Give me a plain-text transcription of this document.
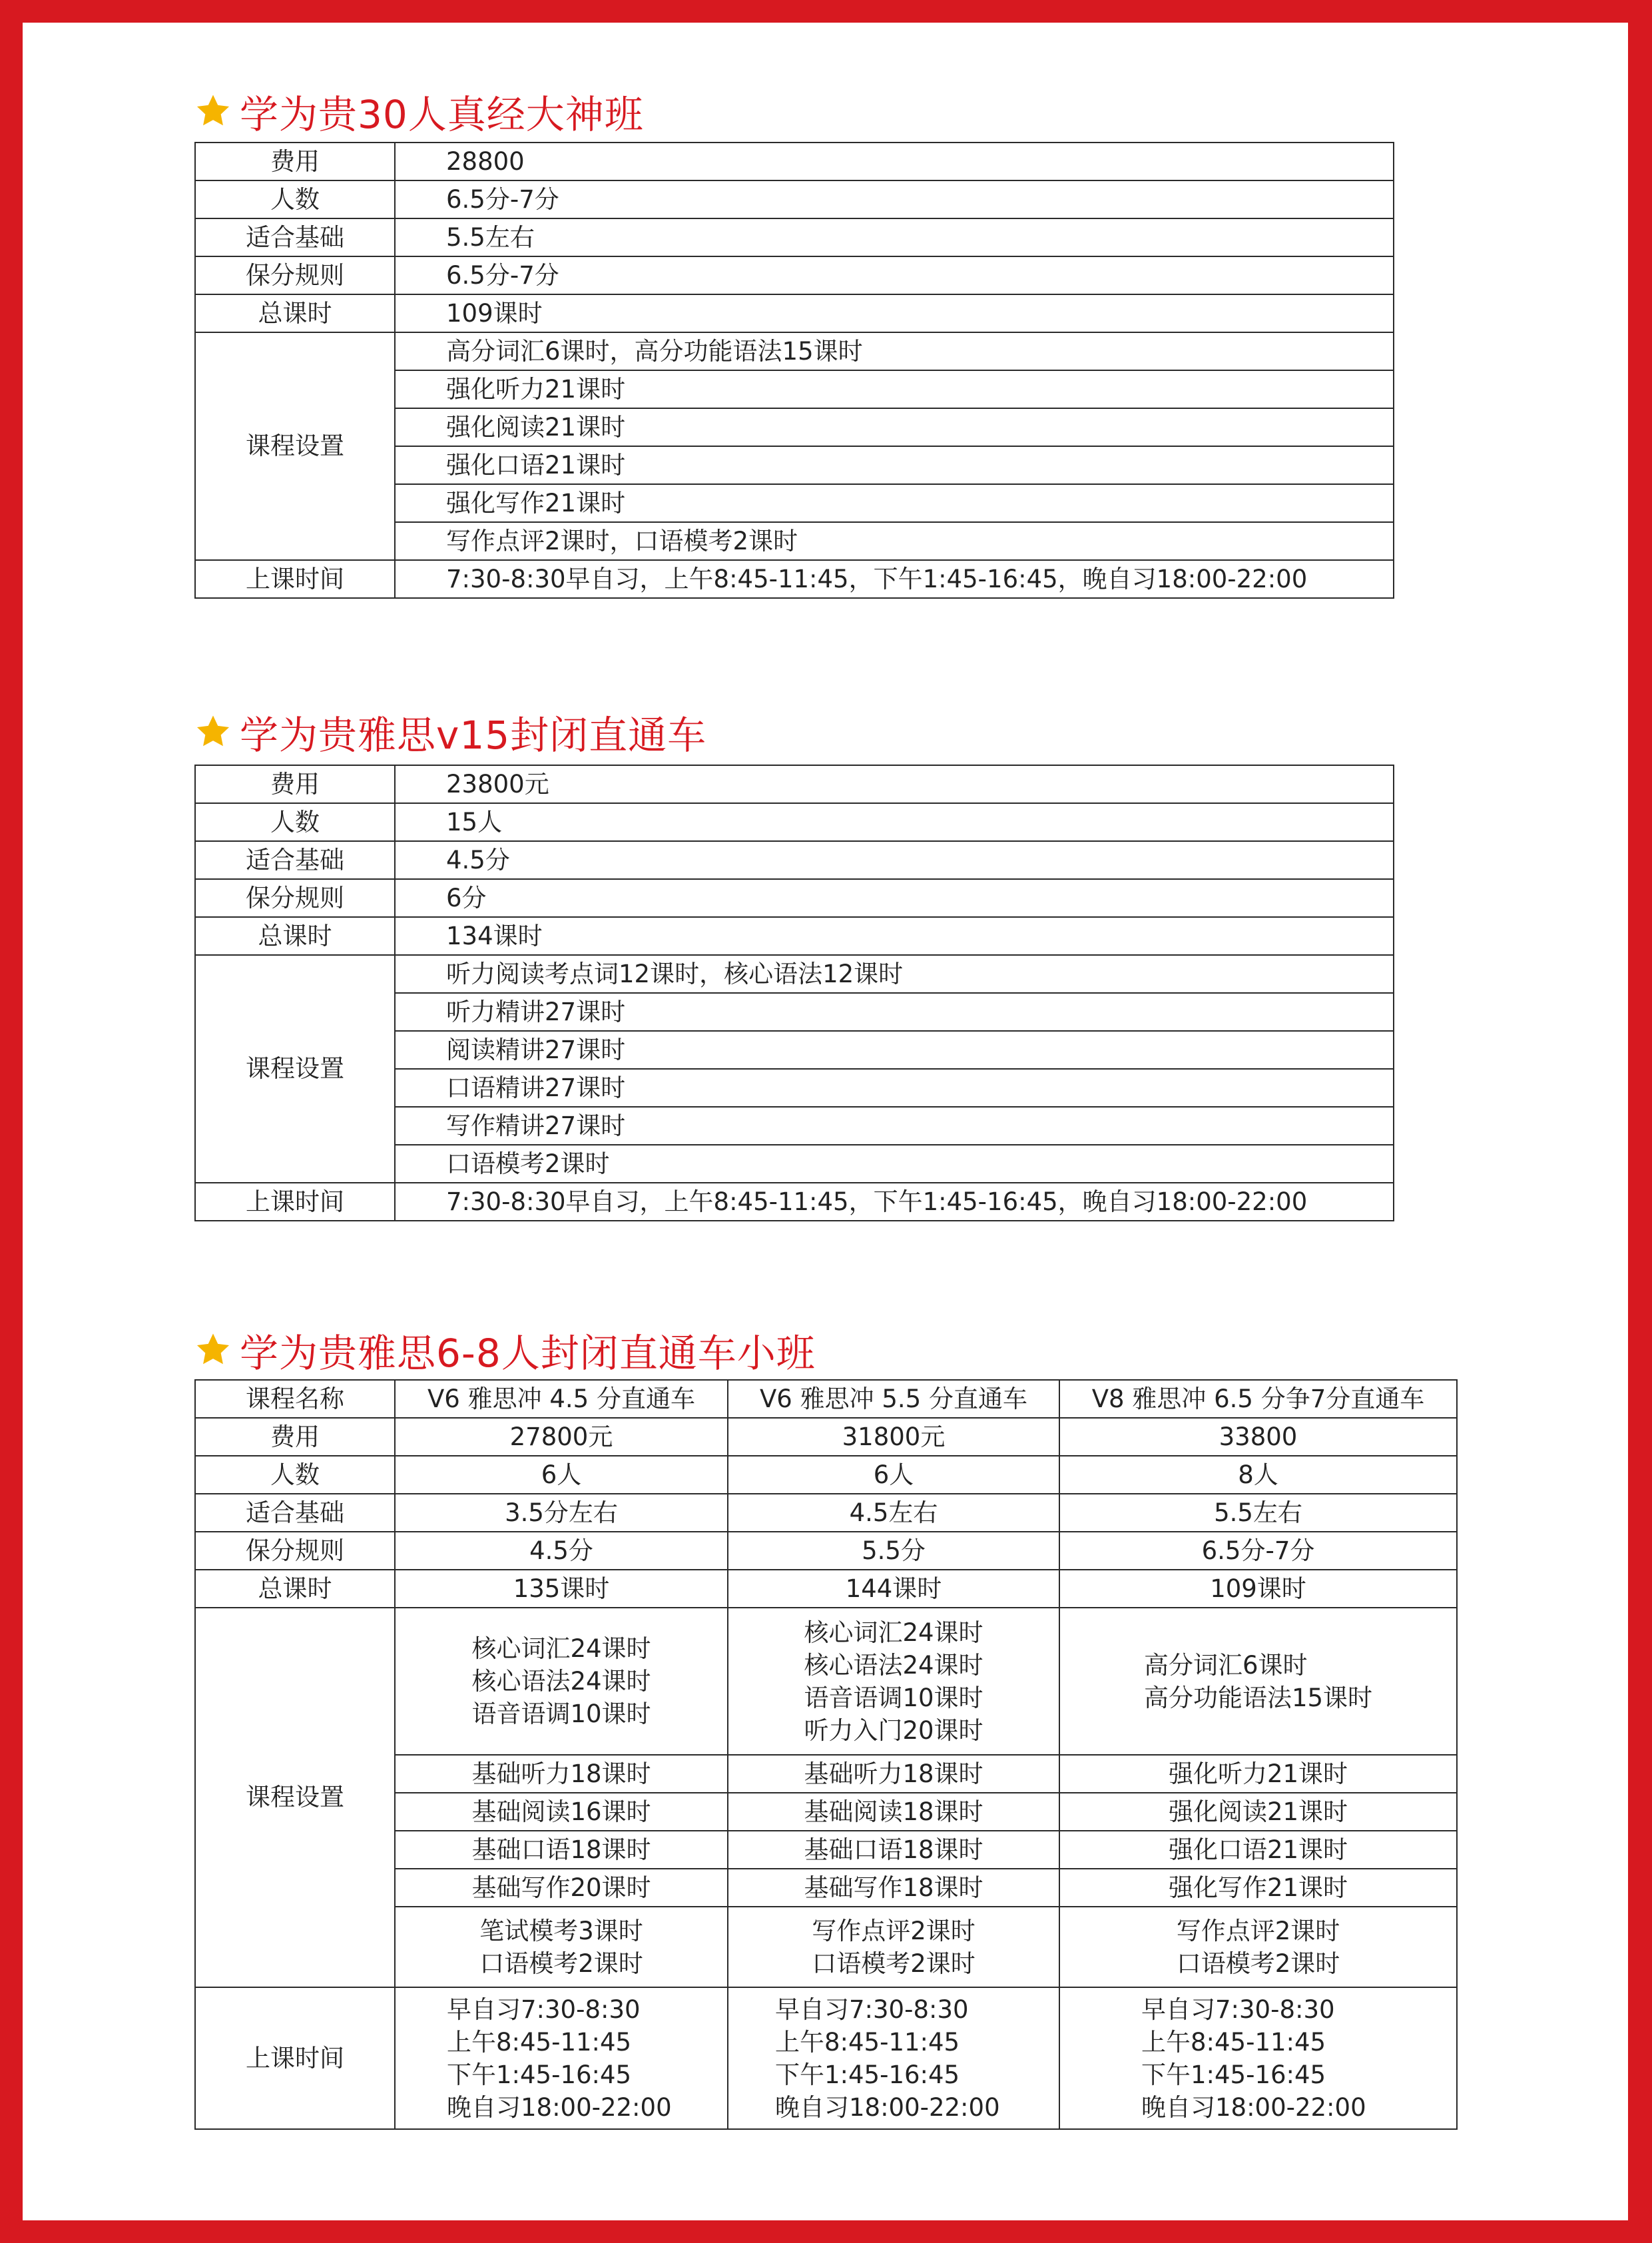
学为贵30人真经大神班
费用	28800
人数	6.5分-7分
适合基础	5.5左右
保分规则	6.5分-7分
总课时	109课时
课程设置	高分词汇6课时，高分功能语法15课时
	强化听力21课时
	强化阅读21课时
	强化口语21课时
	强化写作21课时
	写作点评2课时，口语模考2课时
上课时间	7:30-8:30早自习，上午8:45-11:45，下午1:45-16:45，晚自习18:00-22:00
学为贵雅思v15封闭直通车
费用	23800元
人数	15人
适合基础	4.5分
保分规则	6分
总课时	134课时
课程设置	听力阅读考点词12课时，核心语法12课时
	听力精讲27课时
	阅读精讲27课时
	口语精讲27课时
	写作精讲27课时
	口语模考2课时
上课时间	7:30-8:30早自习，上午8:45-11:45，下午1:45-16:45，晚自习18:00-22:00
学为贵雅思6-8人封闭直通车小班
课程名称	V6 雅思冲 4.5 分直通车	V6 雅思冲 5.5 分直通车	V8 雅思冲 6.5 分争7分直通车
费用	27800元	31800元	33800
人数	6人	6人	8人
适合基础	3.5分左右	4.5左右	5.5左右
保分规则	4.5分	5.5分	6.5分-7分
总课时	135课时	144课时	109课时
课程设置	核心词汇24课时
核心语法24课时
语音语调10课时	核心词汇24课时
核心语法24课时
语音语调10课时
听力入门20课时	高分词汇6课时
高分功能语法15课时

	基础听力18课时	基础听力18课时	强化听力21课时
	基础阅读16课时	基础阅读18课时	强化阅读21课时
	基础口语18课时	基础口语18课时	强化口语21课时
	基础写作20课时	基础写作18课时	强化写作21课时

	笔试模考3课时
口语模考2课时	写作点评2课时
口语模考2课时	写作点评2课时
口语模考2课时

上课时间	早自习7:30-8:30
上午8:45-11:45
下午1:45-16:45
晚自习18:00-22:00	早自习7:30-8:30
上午8:45-11:45
下午1:45-16:45
晚自习18:00-22:00	早自习7:30-8:30
上午8:45-11:45
下午1:45-16:45
晚自习18:00-22:00
